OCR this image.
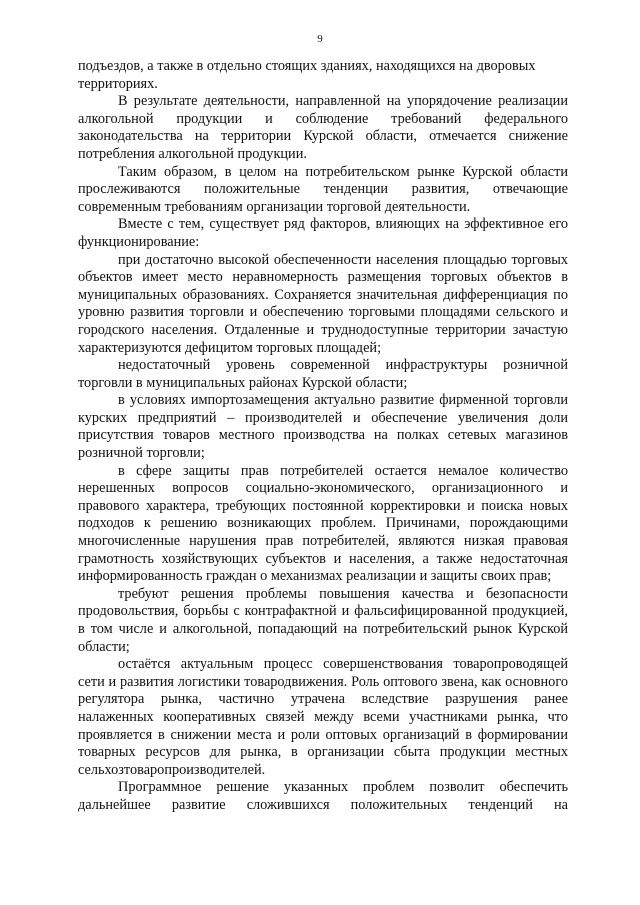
9

подъездов, а также в отдельно стоящих зданиях, находящихся на дворовых территориях.

В результате деятельности, направленной на упорядочение реализации алкогольной продукции и соблюдение требований федерального законодательства на территории Курской области, отмечается снижение потребления алкогольной продукции.

Таким образом, в целом на потребительском рынке Курской области прослеживаются положительные тенденции развития, отвечающие современным требованиям организации торговой деятельности.

Вместе с тем, существует ряд факторов, влияющих на эффективное его функционирование:

при достаточно высокой обеспеченности населения площадью торговых объектов имеет место неравномерность размещения торговых объектов в муниципальных образованиях. Сохраняется значительная дифференциация по уровню развития торговли и обеспечению торговыми площадями сельского и городского населения. Отдаленные и труднодоступные территории зачастую характеризуются дефицитом торговых площадей;

недостаточный уровень современной инфраструктуры розничной торговли в муниципальных районах Курской области;

в условиях импортозамещения актуально развитие фирменной торговли курских предприятий – производителей и обеспечение увеличения доли присутствия товаров местного производства на полках сетевых магазинов розничной торговли;

в сфере защиты прав потребителей остается немалое количество нерешенных вопросов социально-экономического, организационного и правового характера, требующих постоянной корректировки и поиска новых подходов к решению возникающих проблем. Причинами, порождающими многочисленные нарушения прав потребителей, являются низкая правовая грамотность хозяйствующих субъектов и населения, а также недостаточная информированность граждан о механизмах реализации и защиты своих прав;

требуют решения проблемы повышения качества и безопасности продовольствия, борьбы с контрафактной и фальсифицированной продукцией, в том числе и алкогольной, попадающий на потребительский рынок Курской области;

остаётся актуальным процесс совершенствования товаропроводящей сети и развития логистики товародвижения. Роль оптового звена, как основного регулятора рынка, частично утрачена вследствие разрушения ранее налаженных кооперативных связей между всеми участниками рынка, что проявляется в снижении места и роли оптовых организаций в формировании товарных ресурсов для рынка, в организации сбыта продукции местных сельхозтоваропроизводителей.

Программное решение указанных проблем позволит обеспечить дальнейшее развитие сложившихся положительных тенденций на
